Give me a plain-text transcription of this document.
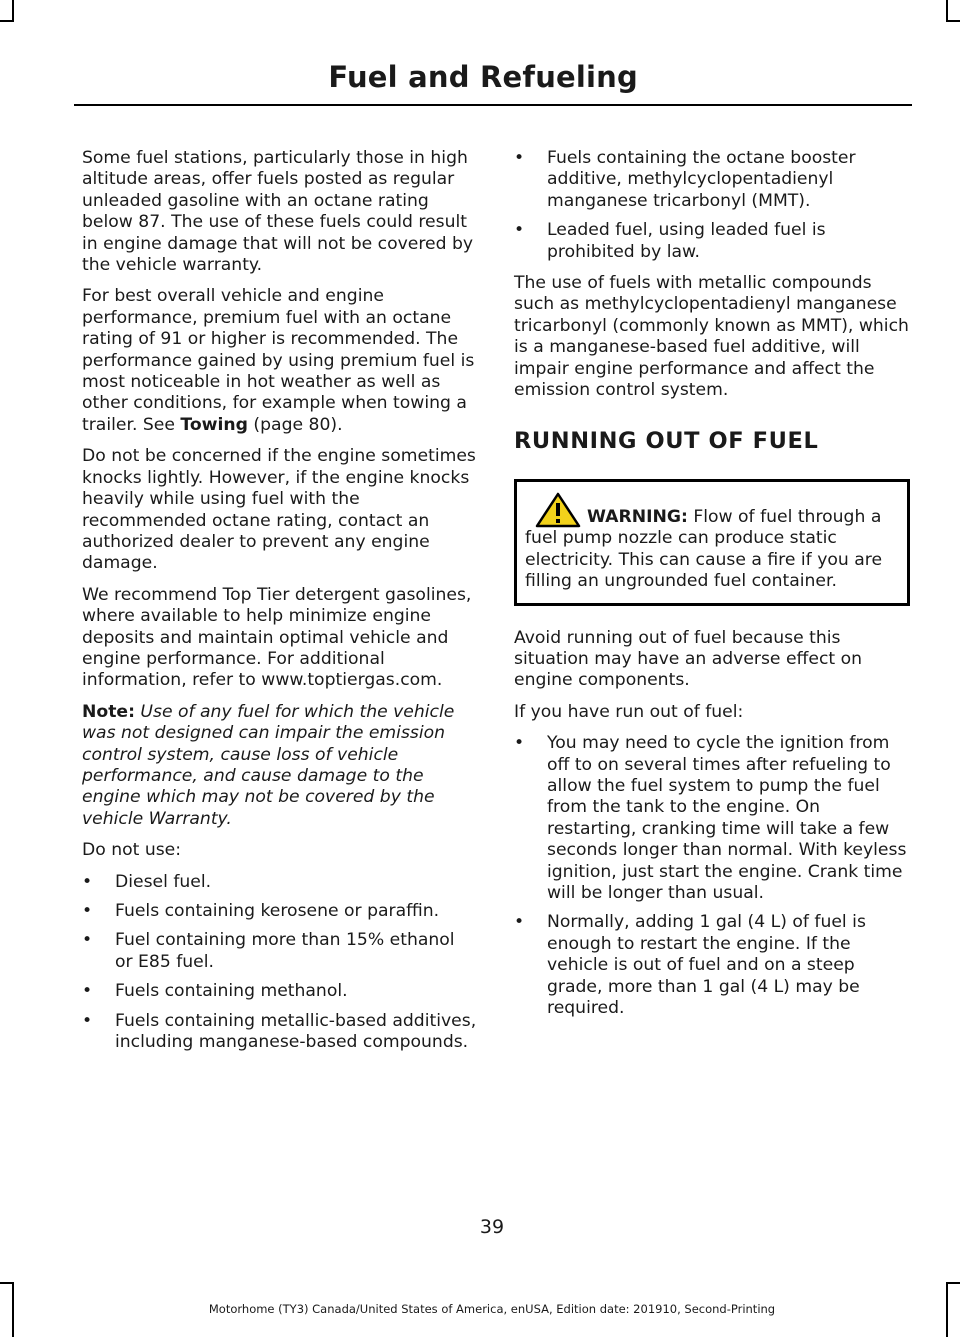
Fuel and Refueling

Some fuel stations, particularly those in high altitude areas, offer fuels posted as regular unleaded gasoline with an octane rating below 87. The use of these fuels could result in engine damage that will not be covered by the vehicle warranty.

For best overall vehicle and engine performance, premium fuel with an octane rating of 91 or higher is recommended. The performance gained by using premium fuel is most noticeable in hot weather as well as other conditions, for example when towing a trailer. See Towing (page 80).

Do not be concerned if the engine sometimes knocks lightly. However, if the engine knocks heavily while using fuel with the recommended octane rating, contact an authorized dealer to prevent any engine damage.

We recommend Top Tier detergent gasolines, where available to help minimize engine deposits and maintain optimal vehicle and engine performance. For additional information, refer to www.toptiergas.com.

Note: Use of any fuel for which the vehicle was not designed can impair the emission control system, cause loss of vehicle performance, and cause damage to the engine which may not be covered by the vehicle Warranty.

Do not use:

• Diesel fuel.
• Fuels containing kerosene or paraffin.
• Fuel containing more than 15% ethanol or E85 fuel.
• Fuels containing methanol.
• Fuels containing metallic-based additives, including manganese-based compounds.
• Fuels containing the octane booster additive, methylcyclopentadienyl manganese tricarbonyl (MMT).
• Leaded fuel, using leaded fuel is prohibited by law.

The use of fuels with metallic compounds such as methylcyclopentadienyl manganese tricarbonyl (commonly known as MMT), which is a manganese-based fuel additive, will impair engine performance and affect the emission control system.

RUNNING OUT OF FUEL
WARNING: Flow of fuel through a fuel pump nozzle can produce static electricity. This can cause a fire if you are filling an ungrounded fuel container.

Avoid running out of fuel because this situation may have an adverse effect on engine components.

If you have run out of fuel:

• You may need to cycle the ignition from off to on several times after refueling to allow the fuel system to pump the fuel from the tank to the engine. On restarting, cranking time will take a few seconds longer than normal. With keyless ignition, just start the engine. Crank time will be longer than usual.
• Normally, adding 1 gal (4 L) of fuel is enough to restart the engine. If the vehicle is out of fuel and on a steep grade, more than 1 gal (4 L) may be required.

39

Motorhome (TY3) Canada/United States of America, enUSA, Edition date: 201910, Second-Printing
